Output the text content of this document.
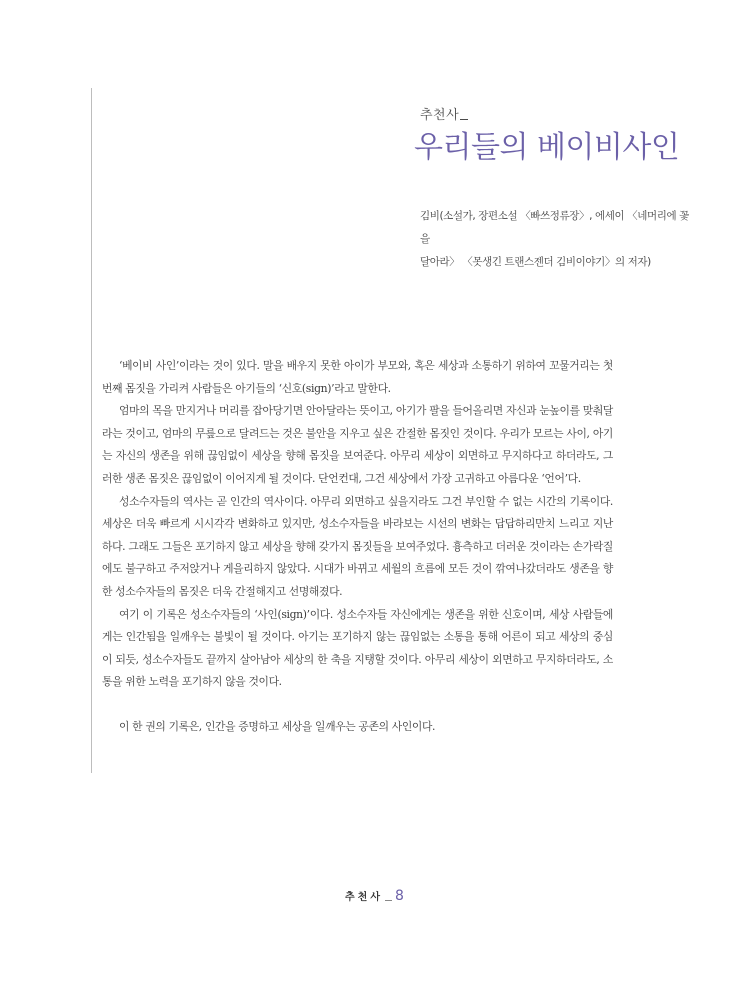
추천사
우리들의 베이비사인
김비(소설가, 장편소설 〈빠쓰정류장〉, 에세이 〈네머리에 꽃을
달아라〉 〈못생긴 트랜스젠더 김비이야기〉의 저자)

‘베이비 사인’이라는 것이 있다. 말을 배우지 못한 아이가 부모와, 혹은 세상과 소통하기 위하여 꼬물거리는 첫번째 몸짓을 가리켜 사람들은 아기들의 ‘신호(sign)’라고 말한다.

엄마의 목을 만지거나 머리를 잡아당기면 안아달라는 뜻이고, 아기가 팔을 들어올리면 자신과 눈높이를 맞춰달라는 것이고, 엄마의 무릎으로 달려드는 것은 불안을 지우고 싶은 간절한 몸짓인 것이다. 우리가 모르는 사이, 아기는 자신의 생존을 위해 끊임없이 세상을 향해 몸짓을 보여준다. 아무리 세상이 외면하고 무지하다고 하더라도, 그러한 생존 몸짓은 끊임없이 이어지게 될 것이다. 단언컨대, 그건 세상에서 가장 고귀하고 아름다운 ‘언어’다.

성소수자들의 역사는 곧 인간의 역사이다. 아무리 외면하고 싶을지라도 그건 부인할 수 없는 시간의 기록이다. 세상은 더욱 빠르게 시시각각 변화하고 있지만, 성소수자들을 바라보는 시선의 변화는 답답하리만치 느리고 지난하다. 그래도 그들은 포기하지 않고 세상을 향해 갖가지 몸짓들을 보여주었다. 흉측하고 더러운 것이라는 손가락질에도 불구하고 주저앉거나 게을리하지 않았다. 시대가 바뀌고 세월의 흐름에 모든 것이 깎여나갔더라도 생존을 향한 성소수자들의 몸짓은 더욱 간절해지고 선명해졌다.

여기 이 기록은 성소수자들의 ‘사인(sign)’이다. 성소수자들 자신에게는 생존을 위한 신호이며, 세상 사람들에게는 인간됨을 일깨우는 불빛이 될 것이다. 아기는 포기하지 않는 끊임없는 소통을 통해 어른이 되고 세상의 중심이 되듯, 성소수자들도 끝까지 살아남아 세상의 한 축을 지탱할 것이다. 아무리 세상이 외면하고 무지하더라도, 소통을 위한 노력을 포기하지 않을 것이다.

이 한 권의 기록은, 인간을 증명하고 세상을 일깨우는 공존의 사인이다.

추천사 8
